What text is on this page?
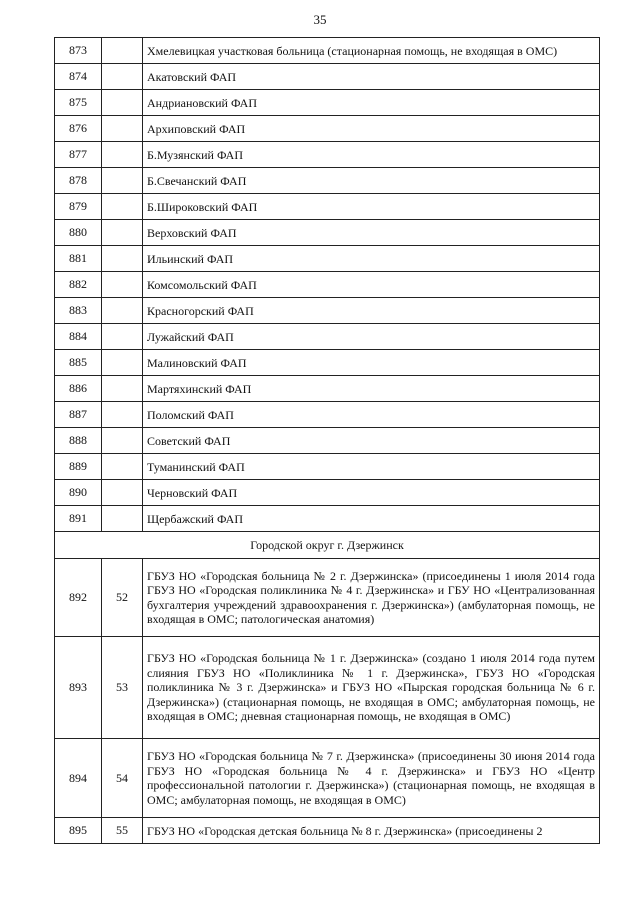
35
873		Хмелевицкая участковая больница (стационарная помощь, не входящая в ОМС)
874		Акатовский ФАП
875		Андриановский ФАП
876		Архиповский ФАП
877		Б.Музянский ФАП
878		Б.Свечанский ФАП
879		Б.Широковский ФАП
880		Верховский ФАП
881		Ильинский ФАП
882		Комсомольский ФАП
883		Красногорский ФАП
884		Лужайский ФАП
885		Малиновский ФАП
886		Мартяхинский ФАП
887		Поломский ФАП
888		Советский ФАП
889		Туманинский ФАП
890		Черновский ФАП
891		Щербажский ФАП
Городской округ г. Дзержинск		
892	52	ГБУЗ НО «Городская больница № 2 г. Дзержинска» (присоединены 1 июля 2014 года ГБУЗ НО «Городская поликлиника № 4 г. Дзержинска» и ГБУ НО «Централизованная бухгалтерия учреждений здравоохранения г. Дзержинска») (амбулаторная помощь, не входящая в ОМС; патологическая анатомия)
893	53	ГБУЗ НО «Городская больница № 1 г. Дзержинска» (создано 1 июля 2014 года путем слияния ГБУЗ НО «Поликлиника № 1 г. Дзержинска», ГБУЗ НО «Городская поликлиника № 3 г. Дзержинска» и ГБУЗ НО «Пырская городская больница № 6 г. Дзержинска») (стационарная помощь, не входящая в ОМС; амбулаторная помощь, не входящая в ОМС; дневная стационарная помощь, не входящая в ОМС)
894	54	ГБУЗ НО «Городская больница № 7 г. Дзержинска» (присоединены 30 июня 2014 года ГБУЗ НО «Городская больница № 4 г. Дзержинска» и ГБУЗ НО «Центр профессиональной патологии г. Дзержинска») (стационарная помощь, не входящая в ОМС; амбулаторная помощь, не входящая в ОМС)
895	55	ГБУЗ НО «Городская детская больница № 8 г. Дзержинска» (присоединены 2
